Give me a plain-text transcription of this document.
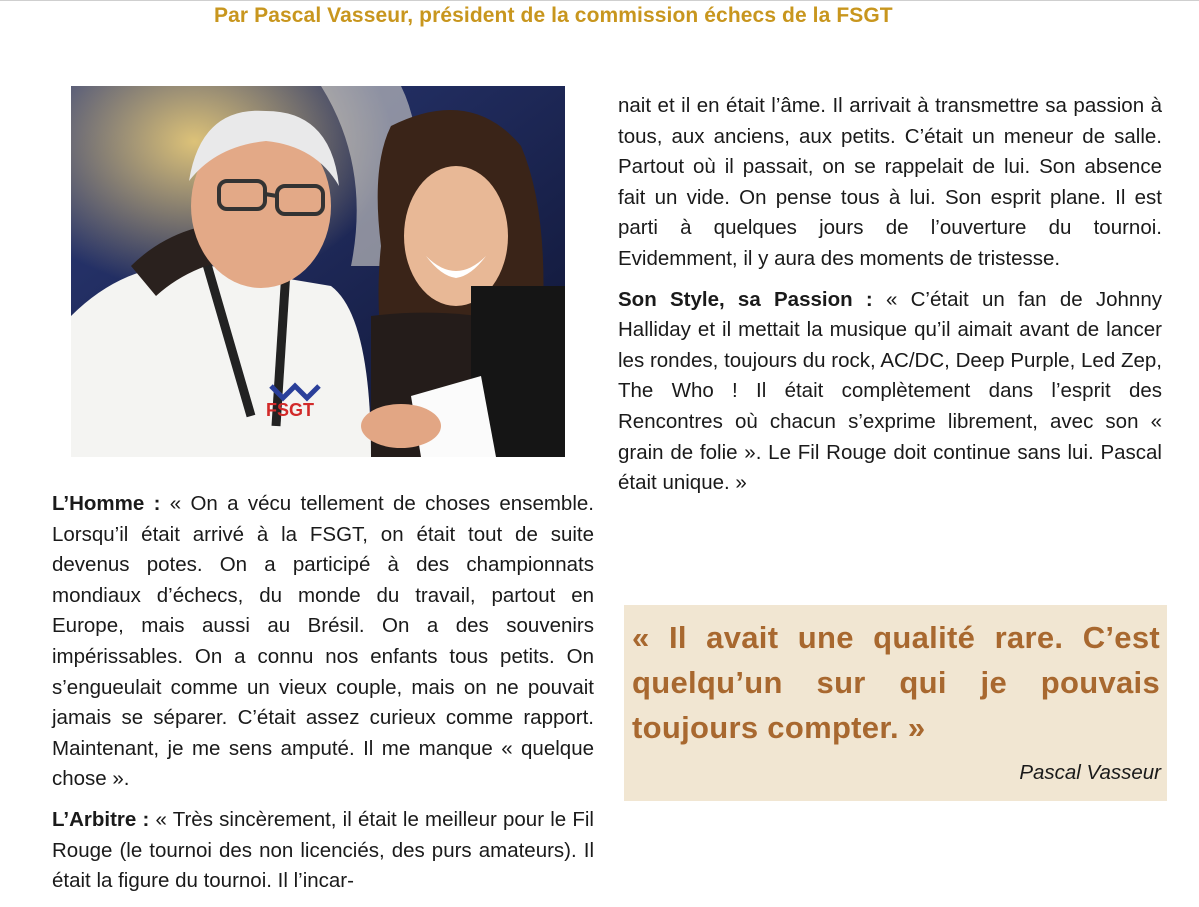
Par Pascal Vasseur, président de la commission échecs de la FSGT
FSGT

L’Homme : « On a vécu tellement de choses ensemble. Lorsqu’il était arrivé à la FSGT, on était tout de suite devenus potes. On a participé à des championnats mondiaux d’échecs, du monde du travail, partout en Europe, mais aussi au Brésil. On a des souvenirs impérissables. On a connu nos enfants tous petits. On s’engueulait comme un vieux couple, mais on ne pouvait jamais se séparer. C’était assez curieux comme rapport. Maintenant, je me sens amputé. Il me manque « quelque chose ».

L’Arbitre : « Très sincèrement, il était le meilleur pour le Fil Rouge (le tournoi des non licenciés, des purs amateurs). Il était la figure du tournoi. Il l’incar-

nait et il en était l’âme. Il arrivait à transmettre sa passion à tous, aux anciens, aux petits. C’était un meneur de salle. Partout où il passait, on se rappelait de lui. Son absence fait un vide. On pense tous à lui. Son esprit plane. Il est parti à quelques jours de l’ouverture du tournoi. Evidemment, il y aura des moments de tristesse.

Son Style, sa Passion : « C’était un fan de Johnny Halliday et il mettait la musique qu’il aimait avant de lancer les rondes, toujours du rock, AC/DC, Deep Purple, Led Zep, The Who ! Il était complètement dans l’esprit des Rencontres où chacun s’exprime librement, avec son « grain de folie ». Le Fil Rouge doit continue sans lui. Pascal était unique. »

« Il avait une qualité rare. C’est quelqu’un sur qui je pouvais toujours compter. »
Pascal Vasseur
